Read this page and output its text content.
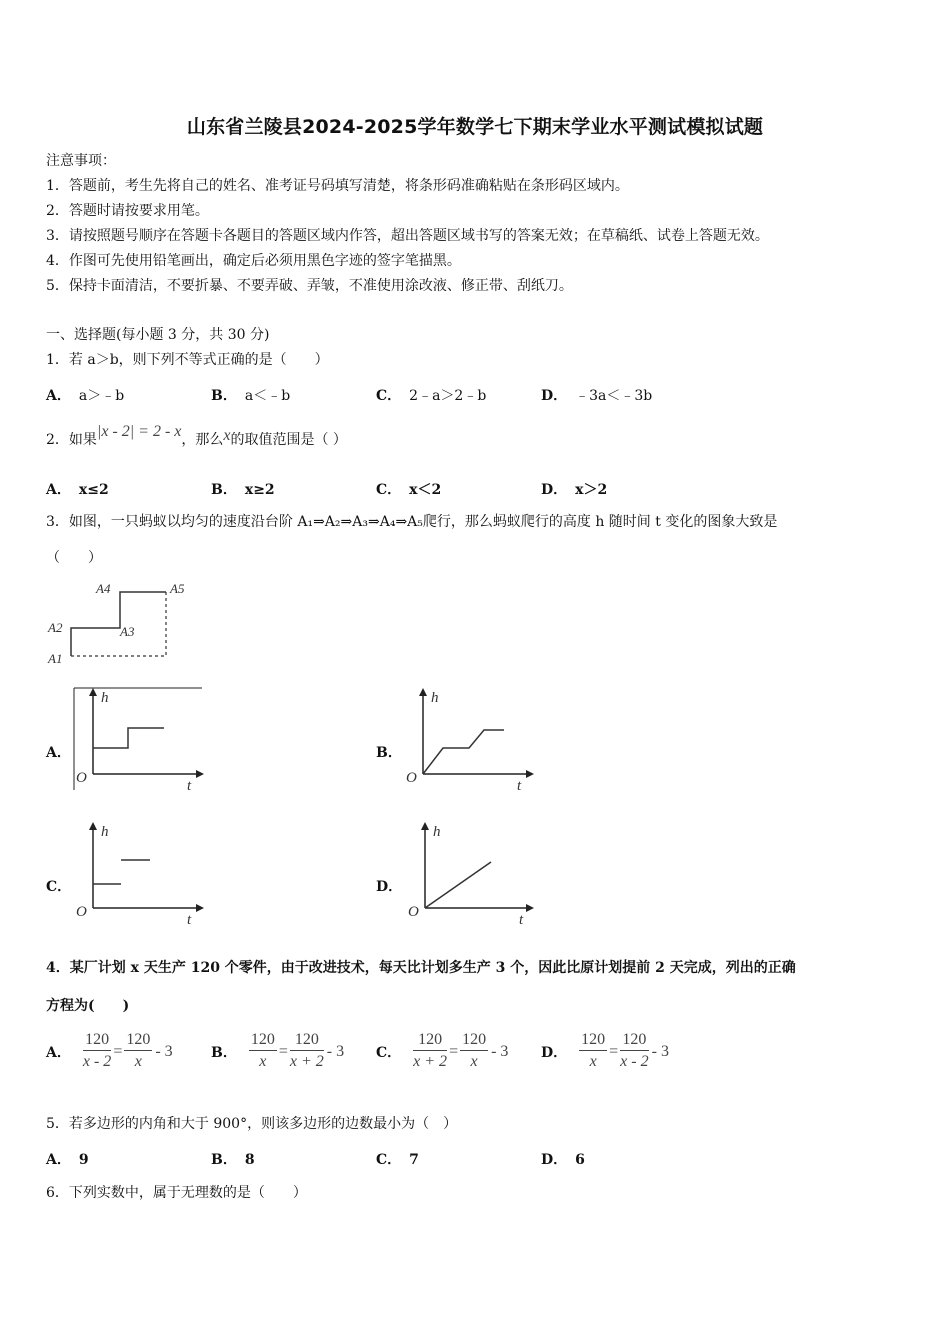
山东省兰陵县2024-2025学年数学七下期末学业水平测试模拟试题
注意事项：
1．答题前，考生先将自己的姓名、准考证号码填写清楚，将条形码准确粘贴在条形码区域内。
2．答题时请按要求用笔。
3．请按照题号顺序在答题卡各题目的答题区域内作答，超出答题区域书写的答案无效；在草稿纸、试卷上答题无效。
4．作图可先使用铅笔画出，确定后必须用黑色字迹的签字笔描黑。
5．保持卡面清洁，不要折暴、不要弄破、弄皱，不准使用涂改液、修正带、刮纸刀。
一、选择题(每小题 3 分，共 30 分)
1．若 a＞b，则下列不等式正确的是（　　）
A． a＞﹣b	B． a＜﹣b	C． 2﹣a＞2﹣b	D． ﹣3a＜﹣3b
2．如果|x - 2| = 2 - x，那么x的取值范围是（ ）
A． x≤2	B． x≥2	C． x＜2	D． x＞2
3．如图，一只蚂蚁以均匀的速度沿台阶 A₁⇒A₂⇒A₃⇒A₄⇒A₅爬行，那么蚂蚁爬行的高度 h 随时间 t 变化的图象大致是
（　　）
A1
A2	A3
A4	A5
A．
h
O	t
B．
h
O	t
C．
h
O	t
D．
h
O	t
4．某厂计划 x 天生产 120 个零件，由于改进技术，每天比计划多生产 3 个，因此比原计划提前 2 天完成，列出的正确
方程为(　　)
A． $\frac{120}{x - 2} = \frac{120}{x} - 3$	B． $\frac{120}{x} = \frac{120}{x + 2} - 3$ C． $\frac{120}{x + 2} = \frac{120}{x} - 3$ D． $\frac{120}{x} = \frac{120}{x - 2} - 3$
5．若多边形的内角和大于 900°，则该多边形的边数最小为（　）
A． 9	B． 8	C． 7	D． 6
6．下列实数中，属于无理数的是（　　）
